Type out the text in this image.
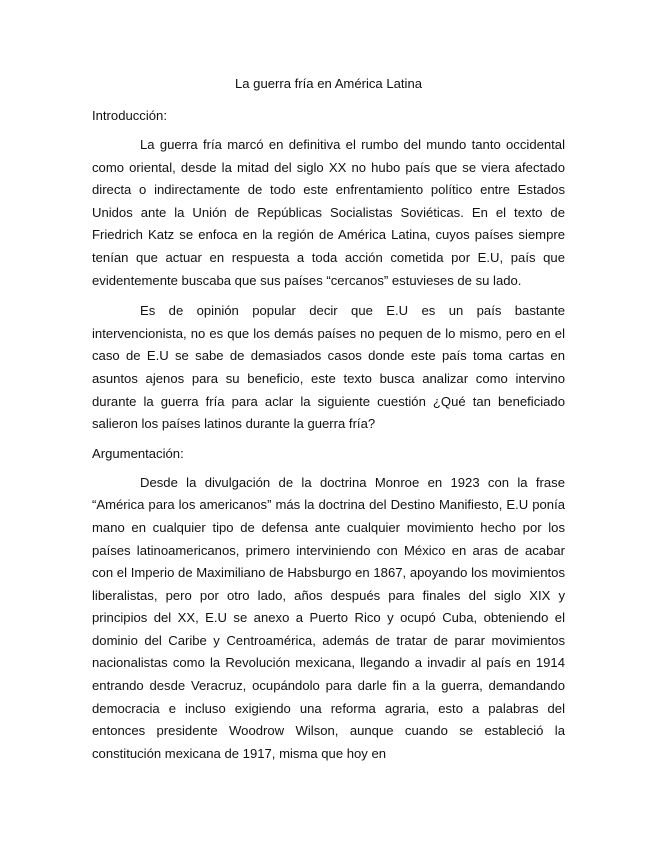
La guerra fría en América Latina
Introducción:

La guerra fría marcó en definitiva el rumbo del mundo tanto occidental como oriental, desde la mitad del siglo XX no hubo país que se viera afectado directa o indirectamente de todo este enfrentamiento político entre Estados Unidos ante la Unión de Repúblicas Socialistas Soviéticas. En el texto de Friedrich Katz se enfoca en la región de América Latina, cuyos países siempre tenían que actuar en respuesta a toda acción cometida por E.U, país que evidentemente buscaba que sus países “cercanos” estuvieses de su lado.

Es de opinión popular decir que E.U es un país bastante intervencionista, no es que los demás países no pequen de lo mismo, pero en el caso de E.U se sabe de demasiados casos donde este país toma cartas en asuntos ajenos para su beneficio, este texto busca analizar como intervino durante la guerra fría para aclar la siguiente cuestión ¿Qué tan beneficiado salieron los países latinos durante la guerra fría?

Argumentación:

Desde la divulgación de la doctrina Monroe en 1923 con la frase “América para los americanos” más la doctrina del Destino Manifiesto, E.U ponía mano en cualquier tipo de defensa ante cualquier movimiento hecho por los países latinoamericanos, primero interviniendo con México en aras de acabar con el Imperio de Maximiliano de Habsburgo en 1867, apoyando los movimientos liberalistas, pero por otro lado, años después para finales del siglo XIX y principios del XX, E.U se anexo a Puerto Rico y ocupó Cuba, obteniendo el dominio del Caribe y Centroamérica, además de tratar de parar movimientos nacionalistas como la Revolución mexicana, llegando a invadir al país en 1914 entrando desde Veracruz, ocupándolo para darle fin a la guerra, demandando democracia e incluso exigiendo una reforma agraria, esto a palabras del entonces presidente Woodrow Wilson, aunque cuando se estableció la constitución mexicana de 1917, misma que hoy en
